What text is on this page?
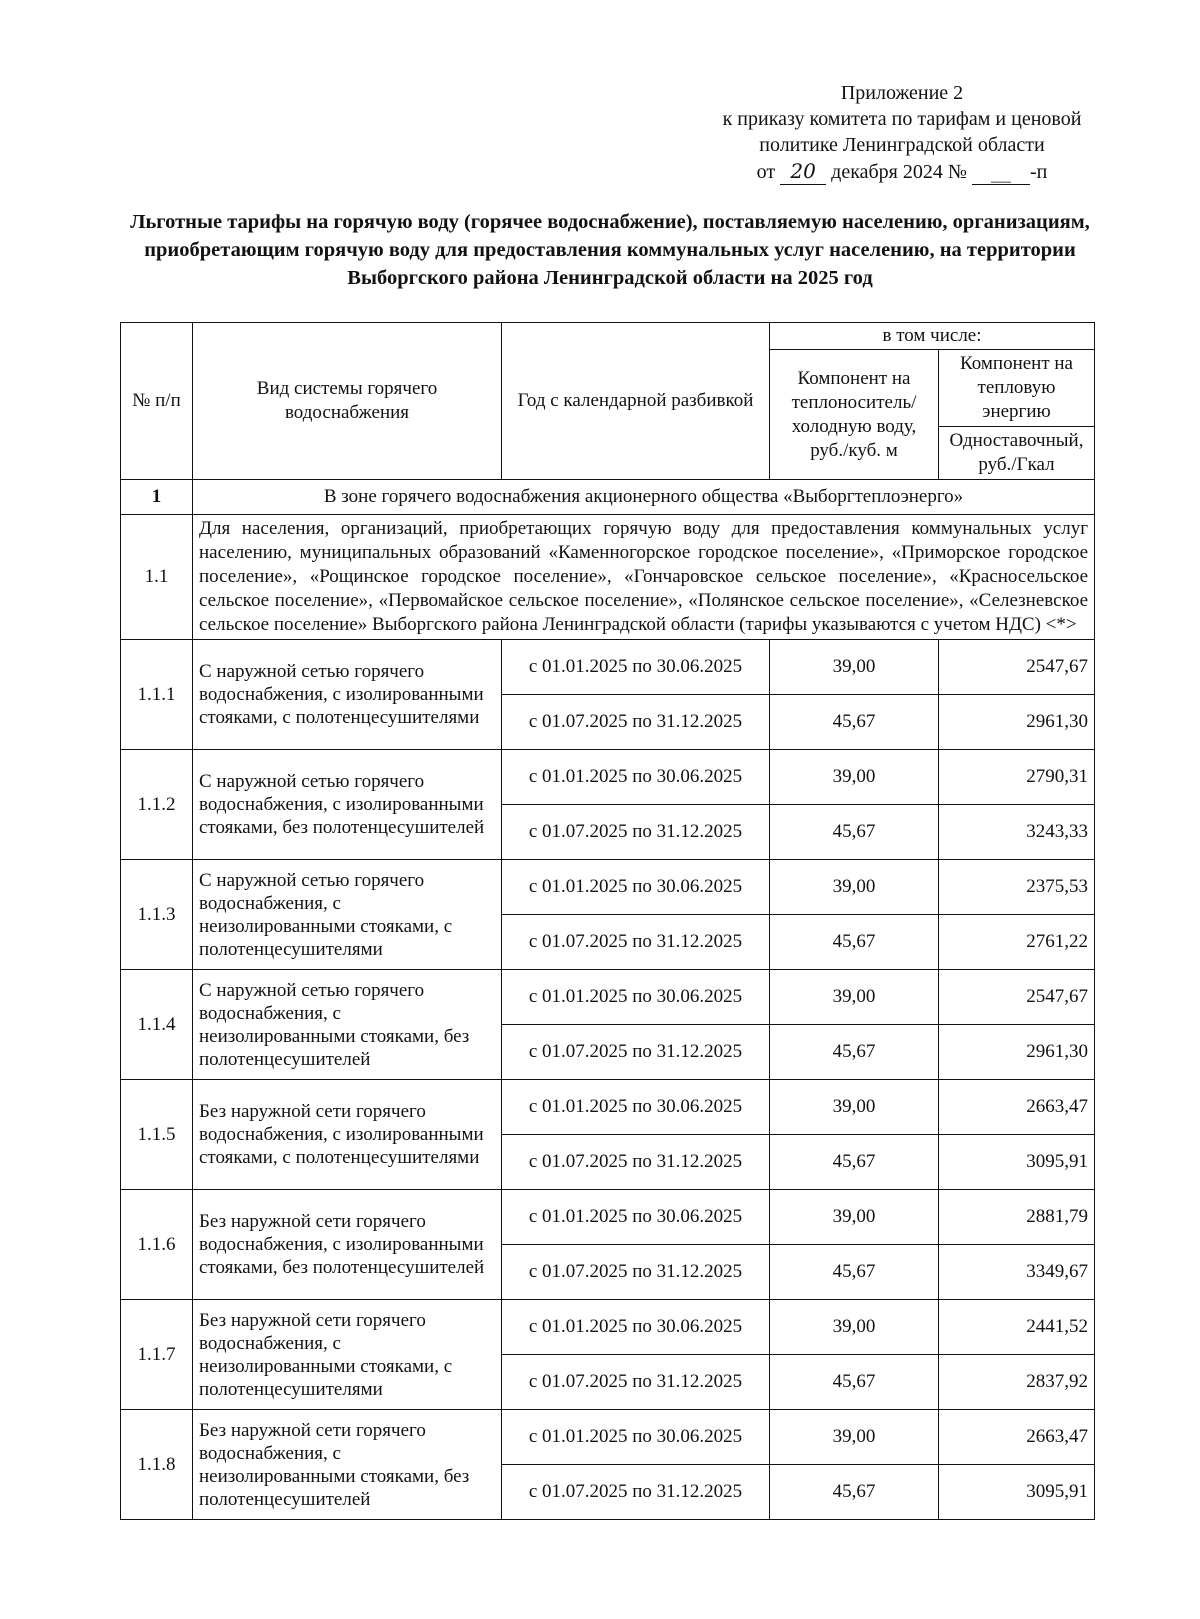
Приложение 2
к приказу комитета по тарифам и ценовой
политике Ленинградской области
от 20 декабря 2024 № __ -п
Льготные тарифы на горячую воду (горячее водоснабжение), поставляемую населению, организациям, приобретающим горячую воду для предоставления коммунальных услуг населению, на территории Выборгского района Ленинградской области на 2025 год
№ п/п	Вид системы горячего водоснабжения	Год с календарной разбивкой	в том числе:	
			Компонент на теплоноситель/ холодную воду, руб./куб. м	Компонент на тепловую энергию
				Одноставочный, руб./Гкал
1	В зоне горячего водоснабжения акционерного общества «Выборгтеплоэнерго»			
1.1	Для населения, организаций, приобретающих горячую воду для предоставления коммунальных услуг населению, муниципальных образований «Каменногорское городское поселение», «Приморское городское поселение», «Рощинское городское поселение», «Гончаровское сельское поселение», «Красносельское сельское поселение», «Первомайское сельское поселение», «Полянское сельское поселение», «Селезневское сельское поселение» Выборгского района Ленинградской области (тарифы указываются с учетом НДС) <*>			
1.1.1	С наружной сетью горячего водоснабжения, с изолированными стояками, с полотенцесушителями	с 01.01.2025 по 30.06.2025	39,00	2547,67
		с 01.07.2025 по 31.12.2025	45,67	2961,30
1.1.2	С наружной сетью горячего водоснабжения, с изолированными стояками, без полотенцесушителей	с 01.01.2025 по 30.06.2025	39,00	2790,31
		с 01.07.2025 по 31.12.2025	45,67	3243,33
1.1.3	С наружной сетью горячего водоснабжения, с неизолированными стояками, с полотенцесушителями	с 01.01.2025 по 30.06.2025	39,00	2375,53
		с 01.07.2025 по 31.12.2025	45,67	2761,22
1.1.4	С наружной сетью горячего водоснабжения, с неизолированными стояками, без полотенцесушителей	с 01.01.2025 по 30.06.2025	39,00	2547,67
		с 01.07.2025 по 31.12.2025	45,67	2961,30
1.1.5	Без наружной сети горячего водоснабжения, с изолированными стояками, с полотенцесушителями	с 01.01.2025 по 30.06.2025	39,00	2663,47
		с 01.07.2025 по 31.12.2025	45,67	3095,91
1.1.6	Без наружной сети горячего водоснабжения, с изолированными стояками, без полотенцесушителей	с 01.01.2025 по 30.06.2025	39,00	2881,79
		с 01.07.2025 по 31.12.2025	45,67	3349,67
1.1.7	Без наружной сети горячего водоснабжения, с неизолированными стояками, с полотенцесушителями	с 01.01.2025 по 30.06.2025	39,00	2441,52
		с 01.07.2025 по 31.12.2025	45,67	2837,92
1.1.8	Без наружной сети горячего водоснабжения, с неизолированными стояками, без полотенцесушителей	с 01.01.2025 по 30.06.2025	39,00	2663,47
		с 01.07.2025 по 31.12.2025	45,67	3095,91
